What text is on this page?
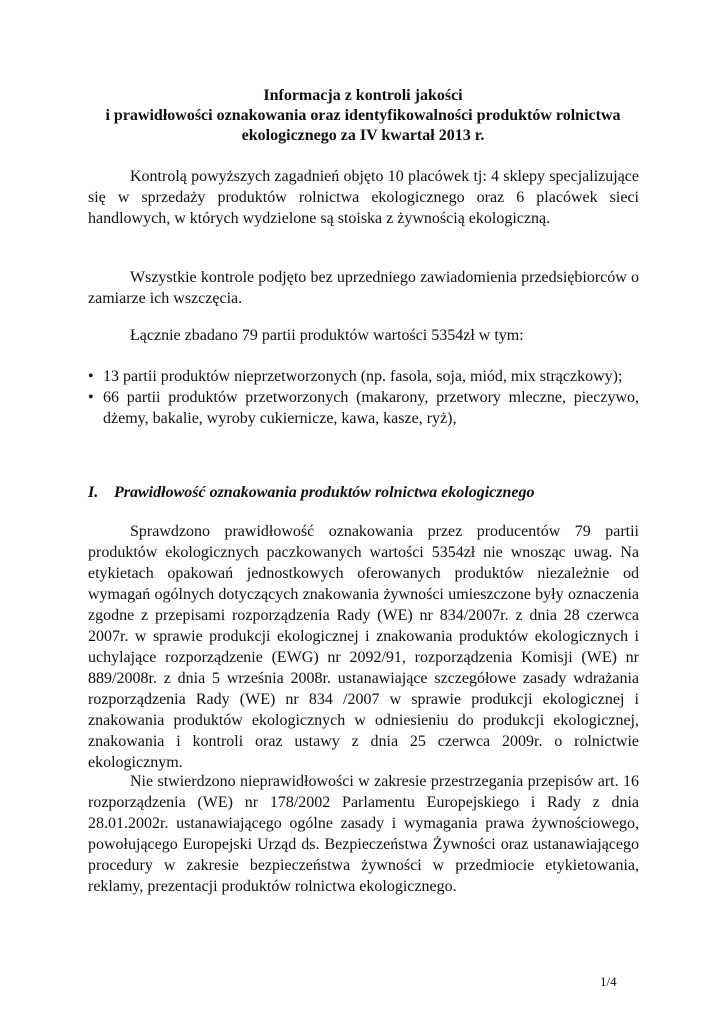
Informacja z kontroli jakości
i prawidłowości oznakowania oraz identyfikowalności produktów rolnictwa
ekologicznego za IV kwartał 2013 r.

Kontrolą powyższych zagadnień objęto 10 placówek tj: 4 sklepy specjalizujące się w sprzedaży produktów rolnictwa ekologicznego oraz 6 placówek sieci handlowych, w których wydzielone są stoiska z żywnością ekologiczną.

Wszystkie kontrole podjęto bez uprzedniego zawiadomienia przedsiębiorców o zamiarze ich wszczęcia.

Łącznie zbadano 79 partii produktów wartości 5354zł w tym:

• 13 partii produktów nieprzetworzonych (np. fasola, soja, miód, mix strączkowy);
• 66 partii produktów przetworzonych (makarony, przetwory mleczne, pieczywo, dżemy, bakalie, wyroby cukiernicze, kawa, kasze, ryż),

I. Prawidłowość oznakowania produktów rolnictwa ekologicznego

Sprawdzono prawidłowość oznakowania przez producentów 79 partii produktów ekologicznych paczkowanych wartości 5354zł nie wnosząc uwag. Na etykietach opakowań jednostkowych oferowanych produktów niezależnie od wymagań ogólnych dotyczących znakowania żywności umieszczone były oznaczenia zgodne z przepisami rozporządzenia Rady (WE) nr 834/2007r. z dnia 28 czerwca 2007r. w sprawie produkcji ekologicznej i znakowania produktów ekologicznych i uchylające rozporządzenie (EWG) nr 2092/91, rozporządzenia Komisji (WE) nr 889/2008r. z dnia 5 września 2008r. ustanawiające szczegółowe zasady wdrażania rozporządzenia Rady (WE) nr 834 /2007 w sprawie produkcji ekologicznej i znakowania produktów ekologicznych w odniesieniu do produkcji ekologicznej, znakowania i kontroli oraz ustawy z dnia 25 czerwca 2009r. o rolnictwie ekologicznym.

Nie stwierdzono nieprawidłowości w zakresie przestrzegania przepisów art. 16 rozporządzenia (WE) nr 178/2002 Parlamentu Europejskiego i Rady z dnia 28.01.2002r. ustanawiającego ogólne zasady i wymagania prawa żywnościowego, powołującego Europejski Urząd ds. Bezpieczeństwa Żywności oraz ustanawiającego procedury w zakresie bezpieczeństwa żywności w przedmiocie etykietowania, reklamy, prezentacji produktów rolnictwa ekologicznego.

1/4
